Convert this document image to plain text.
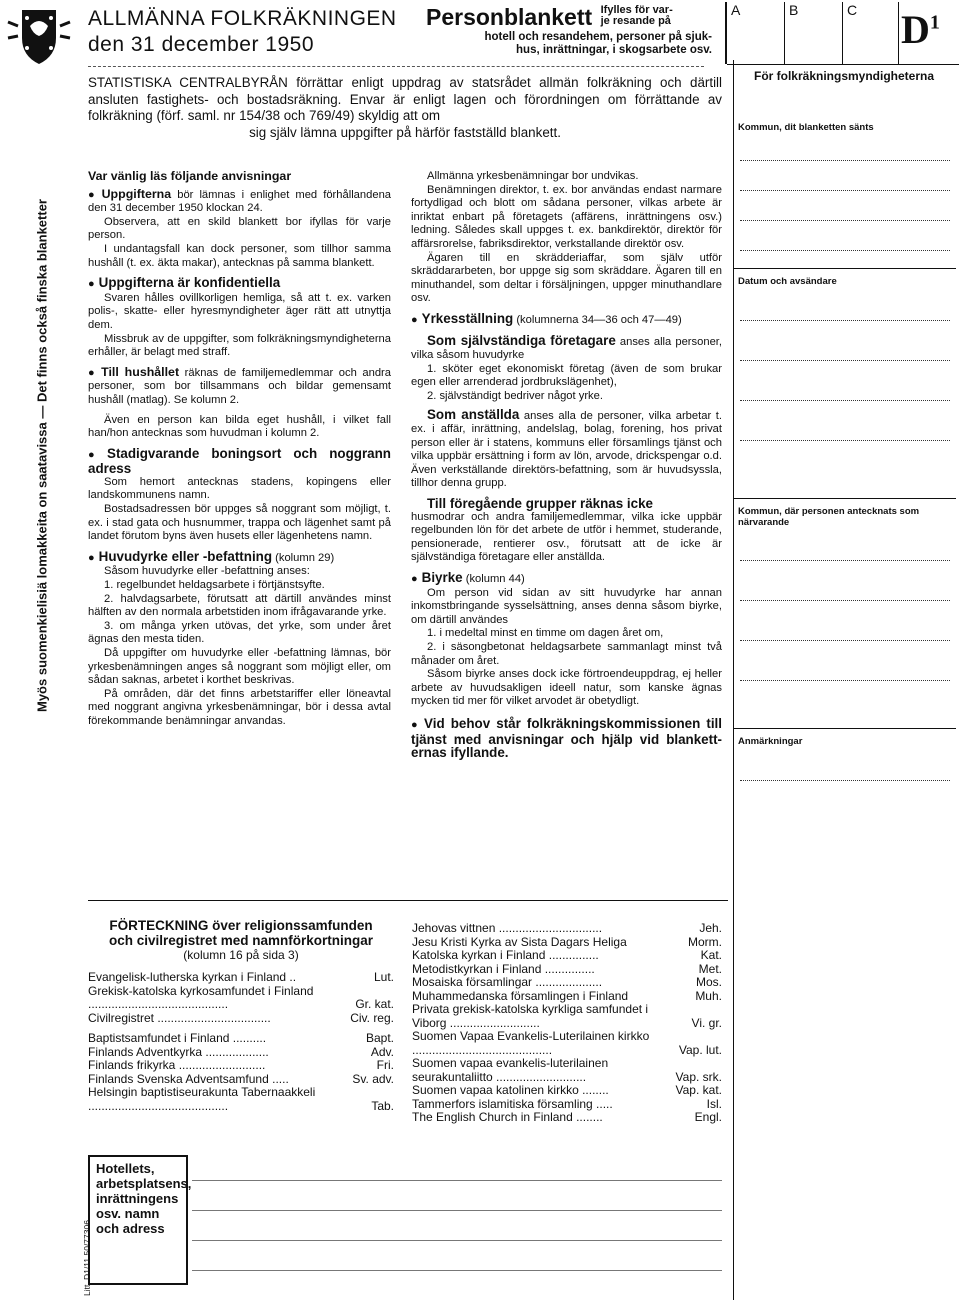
ALLMÄNNA FOLKRÄKNINGEN
den 31 december 1950
Personblankett Ifylles för var-
je resande på
hotell och resandehem, personer på sjuk-
hus, inrättningar, i skogsarbete osv.
A	B	C	$D^1$
STATISTISKA CENTRALBYRÅN förrättar enligt uppdrag av statsrådet allmän folkräkning och därtill ansluten fastighets- och bostadsräkning. Envar är enligt lagen och förordningen om förrättande av folkräkning (förf. saml. nr 154/38 och 769/49) skyldig att om
sig själv lämna uppgifter på härför fastställd blankett.
Myös suomenkielisiä lomakkeita on saatavissa — Det finns också finska blanketter

Var vänlig läs följande anvisningar

● Uppgifterna bör lämnas i enlighet med förhållandena den 31 december 1950 klockan 24.

Observera, att en skild blankett bor ifyllas för varje person.

I undantagsfall kan dock personer, som tillhor samma hushåll (t. ex. äkta makar), antecknas på samma blankett.

● Uppgifterna är konfidentiella

Svaren hålles ovillkorligen hemliga, så att t. ex. varken polis-, skatte- eller hyresmyndigheter äger rätt att utnyttja dem.

Missbruk av de uppgifter, som folkräkningsmyndigheterna erhåller, är belagt med straff.

● Till hushållet räknas de familjemedlemmar och andra personer, som bor tillsammans och bildar gemensamt hushåll (matlag). Se kolumn 2.

Även en person kan bilda eget hushåll, i vilket fall han/hon antecknas som huvudman i kolumn 2.

● Stadigvarande boningsort och noggrann adress

Som hemort antecknas stadens, kopingens eller landskommunens namn.

Bostadsadressen bör uppges så noggrant som möjligt, t. ex. i stad gata och husnummer, trappa och lägenhet samt på landet förutom byns även husets eller lägenhetens namn.

● Huvudyrke eller -befattning (kolumn 29)

Såsom huvudyrke eller -befattning anses:

1. regelbundet heldagsarbete i förtjänstsyfte.

2. halvdagsarbete, förutsatt att därtill användes minst hälften av den normala arbetstiden inom ifrågavarande yrke.

3. om många yrken utövas, det yrke, som under året ägnas den mesta tiden.

Då uppgifter om huvudyrke eller -befattning lämnas, bör yrkesbenämningen anges så noggrant som möjligt eller, om sådan saknas, arbetet i korthet beskrivas.

På områden, där det finns arbetstariffer eller löneavtal med noggrant angivna yrkesbenämningar, bör i dessa avtal förekommande benämningar anvandas.

Allmänna yrkesbenämningar bor undvikas.

Benämningen direktor, t. ex. bor användas endast narmare fortydligad och blott om sådana personer, vilkas arbete är inriktat enbart på företagets (affärens, inrättningens osv.) ledning. Således skall uppges t. ex. bankdirektör, direktör för affärsrorelse, fabriksdirektor, verkstallande direktör osv.

Ägaren till en skrädderiaffar, som själv utför skräddararbeten, bor uppge sig som skräddare. Ägaren till en minuthandel, som deltar i försäljningen, uppger minuthandlare osv.

● Yrkesställning (kolumnerna 34—36 och 47—49)

Som självständiga företagare anses alla personer, vilka såsom huvudyrke

1. sköter eget ekonomiskt företag (även de som brukar egen eller arrenderad jordbrukslägenhet),

2. självständigt bedriver något yrke.

Som anställda anses alla de personer, vilka arbetar t. ex. i affär, inrättning, andelslag, bolag, forening, hos privat person eller är i statens, kommuns eller församlings tjänst och vilka uppbär ersättning i form av lön, arvode, drickspengar o.d. Även verkställande direktörs-befattning, som är huvudsyssla, tillhor denna grupp.

Till föregående grupper räknas icke

husmodrar och andra familjemedlemmar, vilka icke uppbär regelbunden lön för det arbete de utför i hemmet, studerande, pensionerade, rentierer osv., förutsatt att de icke är självständiga företagare eller anställda.

● Biyrke (kolumn 44)

Om person vid sidan av sitt huvudyrke har annan inkomstbringande sysselsättning, anses denna såsom biyrke, om därtill användes

1. i medeltal minst en timme om dagen året om,

2. i säsongbetonat heldagsarbete sammanlagt minst två månader om året.

Såsom biyrke anses dock icke förtroendeuppdrag, ej heller arbete av huvudsakligen ideell natur, som kanske ägnas mycken tid mer för vilket arvodet är obetydligt.

● Vid behov står folkräkningskommissionen till tjänst med anvisningar och hjälp vid blanketternas ifyllande.

För folkräkningsmyndigheterna
Kommun, dit blanketten sänts
Datum och avsändare
Kommun, där personen antecknats som närvarande
Anmärkningar
FÖRTECKNING över religionssamfunden
och civilregistret med namnförkortningar
(kolumn 16 på sida 3)
Evangelisk-lutherska kyrkan i Finland ..	Lut.
Grekisk-katolska kyrkosamfundet i Finland ..........................................	Gr. kat.
Civilregistret ..................................	Civ. reg.
Baptistsamfundet i Finland ..........	Bapt.
Finlands Adventkyrka ...................	Adv.
Finlands frikyrka ..........................	Fri.
Finlands Svenska Adventsamfund .....	Sv. adv.
Helsingin baptistiseurakunta Tabernaakkeli ..........................................	Tab.
Jehovas vittnen ...............................	Jeh.
Jesu Kristi Kyrka av Sista Dagars Heliga	Morm.
Katolska kyrkan i Finland ...............	Kat.
Metodistkyrkan i Finland ...............	Met.
Mosaiska församlingar ....................	Mos.
Muhammedanska församlingen i Finland	Muh.
Privata grekisk-katolska kyrkliga samfundet i Viborg ...........................	Vi. gr.
Suomen Vapaa Evankelis-Luterilainen kirkko ..........................................	Vap. lut.
Suomen vapaa evankelis-luterilainen seurakuntaliitto ...........................	Vap. srk.
Suomen vapaa katolinen kirkko ........	Vap. kat.
Tammerfors islamitiska församling .....	Isl.
The English Church in Finland ........	Engl.
Hotellets, arbetsplatsens, inrättningens osv. namn och adress
Litt. D1/11.50/77306
